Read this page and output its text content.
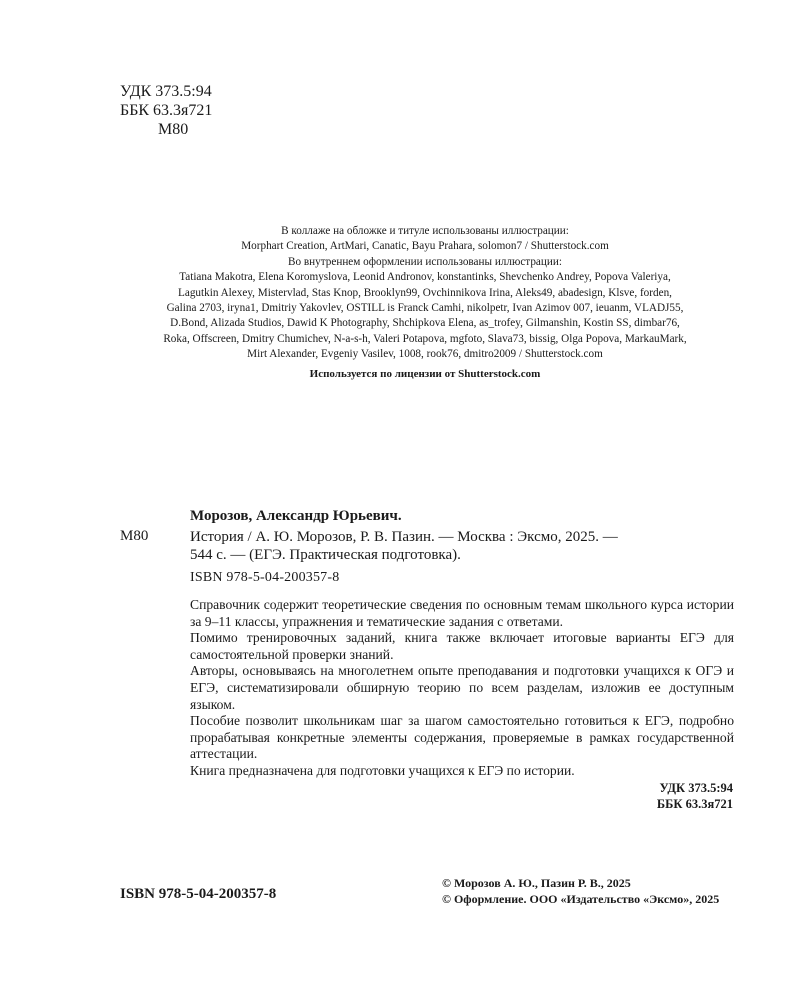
УДК 373.5:94
ББК 63.3я721
М80
В коллаже на обложке и титуле использованы иллюстрации:
Morphart Creation, ArtMari, Canatic, Bayu Prahara, solomon7 / Shutterstock.com
Во внутреннем оформлении использованы иллюстрации:
Tatiana Makotra, Elena Koromyslova, Leonid Andronov, konstantinks, Shevchenko Andrey, Popova Valeriya,
Lagutkin Alexey, Mistervlad, Stas Knop, Brooklyn99, Ovchinnikova Irina, Aleks49, abadesign, Klsve, forden,
Galina 2703, iryna1, Dmitriy Yakovlev, OSTILL is Franck Camhi, nikolpetr, Ivan Azimov 007, ieuanm, VLADJ55,
D.Bond, Alizada Studios, Dawid K Photography, Shchipkova Elena, as_trofey, Gilmanshin, Kostin SS, dimbar76,
Roka, Offscreen, Dmitry Chumichev, N-a-s-h, Valeri Potapova, mgfoto, Slava73, bissig, Olga Popova, MarkauMark,
Mirt Alexander, Evgeniy Vasilev, 1008, rook76, dmitro2009 / Shutterstock.com
Используется по лицензии от Shutterstock.com
Морозов, Александр Юрьевич.
М80	История / А. Ю. Морозов, Р. В. Пазин. — Москва : Эксмо, 2025. —
544 с. — (ЕГЭ. Практическая подготовка).
ISBN 978-5-04-200357-8

Справочник содержит теоретические сведения по основным темам школьного курса истории за 9–11 классы, упражнения и тематические задания с ответами.

Помимо тренировочных заданий, книга также включает итоговые варианты ЕГЭ для самостоятельной проверки знаний.

Авторы, основываясь на многолетнем опыте преподавания и подготовки учащихся к ОГЭ и ЕГЭ, систематизировали обширную теорию по всем разделам, изложив ее доступным языком.

Пособие позволит школьникам шаг за шагом самостоятельно готовиться к ЕГЭ, подробно прорабатывая конкретные элементы содержания, проверяемые в рамках государственной аттестации.

Книга предназначена для подготовки учащихся к ЕГЭ по истории.

УДК 373.5:94
ББК 63.3я721
ISBN 978-5-04-200357-8
© Морозов А. Ю., Пазин Р. В., 2025
© Оформление. ООО «Издательство «Эксмо», 2025
